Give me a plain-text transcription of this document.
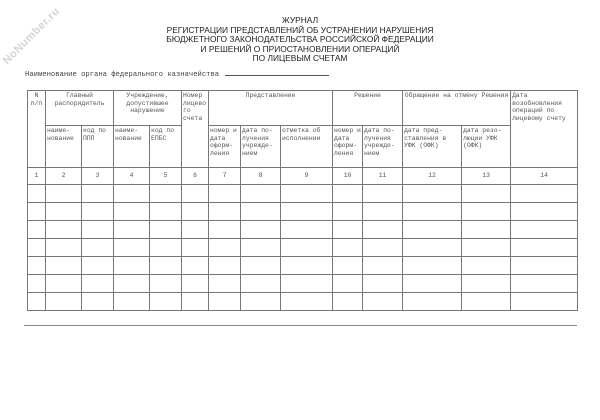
NoNumber.ru	ЖУРНАЛ
РЕГИСТРАЦИИ ПРЕДСТАВЛЕНИЙ ОБ УСТРАНЕНИИ НАРУШЕНИЯ
БЮДЖЕТНОГО ЗАКОНОДАТЕЛЬСТВА РОССИЙСКОЙ ФЕДЕРАЦИИ
И РЕШЕНИЙ О ПРИОСТАНОВЛЕНИИ ОПЕРАЦИЙ
ПО ЛИЦЕВЫМ СЧЕТАМ
Наименование органа федерального казначейства
N п/п	Главный распорядитель		Учреждение, допустившее нарушение		Номер лицевого счета	Представление			Решение		Обращение на отмену Решения		Дата возобновления операций по лицевому счету
	наиме-нование	код по ППП	наиме-нование	код по ЕПБС		номер и дата оформ-ления	дата по-лучения учрежде-нием	отметка об исполнении	номер и дата оформ-ления	дата по-лучения учрежде-нием	дата пред-ставления в УФК (ОФК)	дата резо-люции УФК (ОФК)	
1	2	3	4	5	6	7	8	9	10	11	12	13	14
